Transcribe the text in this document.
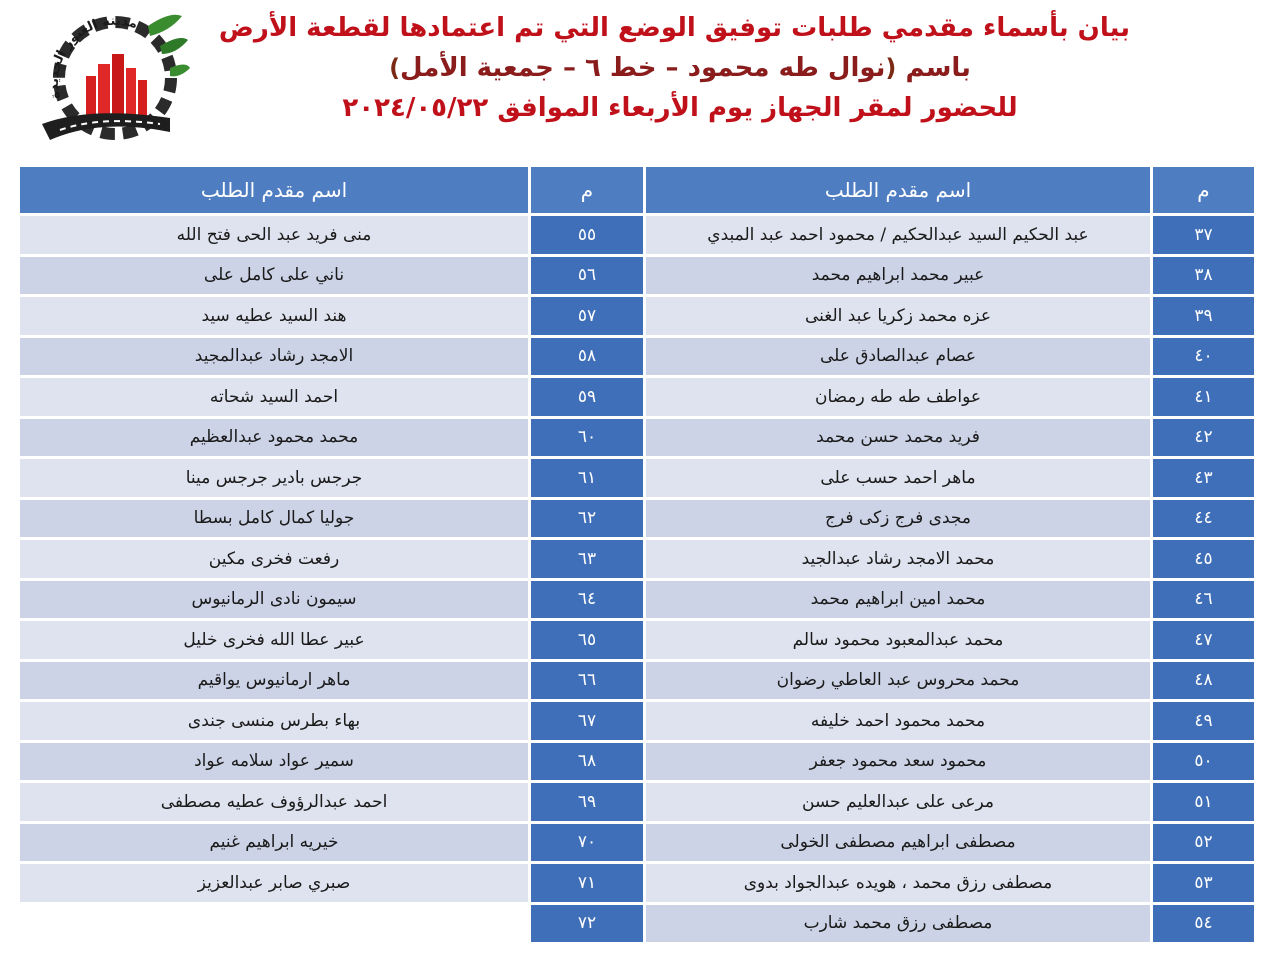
مدينة العبور الجديدة	بيان بأسماء مقدمي طلبات توفيق الوضع التي تم اعتمادها لقطعة الأرض

باسم (نوال طه محمود – خط ٦ – جمعية الأمل)

للحضور لمقر الجهاز يوم الأربعاء الموافق ٢٠٢٤/٠٥/٢٢

م	اسم مقدم الطلب	م	اسم مقدم الطلب
٣٧	عبد الحكيم السيد عبدالحكيم / محمود احمد عبد المبدي	٥٥	منى فريد عبد الحى فتح الله
٣٨	عبير محمد ابراهيم محمد	٥٦	ناني على كامل على
٣٩	عزه محمد زكريا عبد الغنى	٥٧	هند السيد عطيه سيد
٤٠	عصام عبدالصادق على	٥٨	الامجد رشاد عبدالمجيد
٤١	عواطف طه طه رمضان	٥٩	احمد السيد شحاته
٤٢	فريد محمد حسن محمد	٦٠	محمد محمود عبدالعظيم
٤٣	ماهر احمد حسب على	٦١	جرجس بادير جرجس مينا
٤٤	مجدى فرج زكى فرج	٦٢	جوليا كمال كامل بسطا
٤٥	محمد الامجد رشاد عبدالجيد	٦٣	رفعت فخرى مكين
٤٦	محمد امين ابراهيم محمد	٦٤	سيمون نادى الرمانيوس
٤٧	محمد عبدالمعبود محمود سالم	٦٥	عبير عطا الله فخرى خليل
٤٨	محمد محروس عبد العاطي رضوان	٦٦	ماهر ارمانيوس يواقيم
٤٩	محمد محمود احمد خليفه	٦٧	بهاء بطرس منسى جندى
٥٠	محمود سعد محمود جعفر	٦٨	سمير عواد سلامه عواد
٥١	مرعى على عبدالعليم حسن	٦٩	احمد عبدالرؤوف عطيه مصطفى
٥٢	مصطفى ابراهيم مصطفى الخولى	٧٠	خيريه ابراهيم غنيم
٥٣	مصطفى رزق محمد ، هويده عبدالجواد بدوى	٧١	صبري صابر عبدالعزيز
٥٤	مصطفى رزق محمد شارب	٧٢	
